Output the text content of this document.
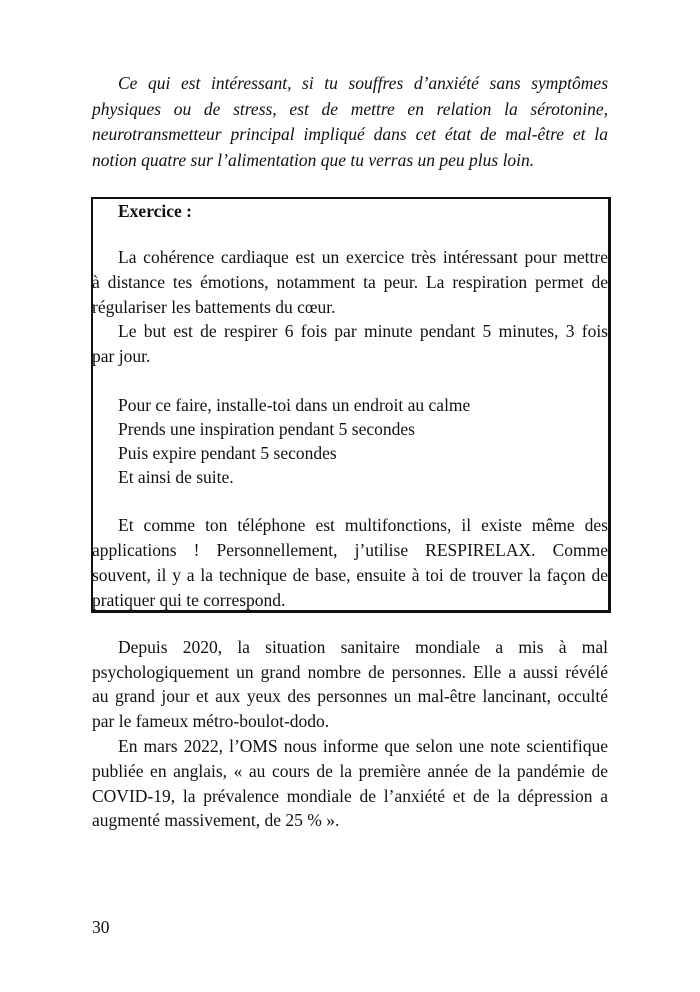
Ce qui est intéressant, si tu souffres d’anxiété sans symptômes
physiques ou de stress, est de mettre en relation la sérotonine,
neurotransmetteur principal impliqué dans cet état de mal-être et la
notion quatre sur l’alimentation que tu verras un peu plus loin.
Exercice :
La cohérence cardiaque est un exercice très intéressant pour mettre
à distance tes émotions, notamment ta peur. La respiration permet de
régulariser les battements du cœur.
Le but est de respirer 6 fois par minute pendant 5 minutes, 3 fois
par jour.
Pour ce faire, installe-toi dans un endroit au calme
Prends une inspiration pendant 5 secondes
Puis expire pendant 5 secondes
Et ainsi de suite.
Et comme ton téléphone est multifonctions, il existe même des
applications ! Personnellement, j’utilise RESPIRELAX. Comme
souvent, il y a la technique de base, ensuite à toi de trouver la façon de
pratiquer qui te correspond.
Depuis 2020, la situation sanitaire mondiale a mis à mal
psychologiquement un grand nombre de personnes. Elle a aussi révélé
au grand jour et aux yeux des personnes un mal-être lancinant, occulté
par le fameux métro-boulot-dodo.
En mars 2022, l’OMS nous informe que selon une note scientifique
publiée en anglais, « au cours de la première année de la pandémie de
COVID-19, la prévalence mondiale de l’anxiété et de la dépression a
augmenté massivement, de 25 % ».
30
